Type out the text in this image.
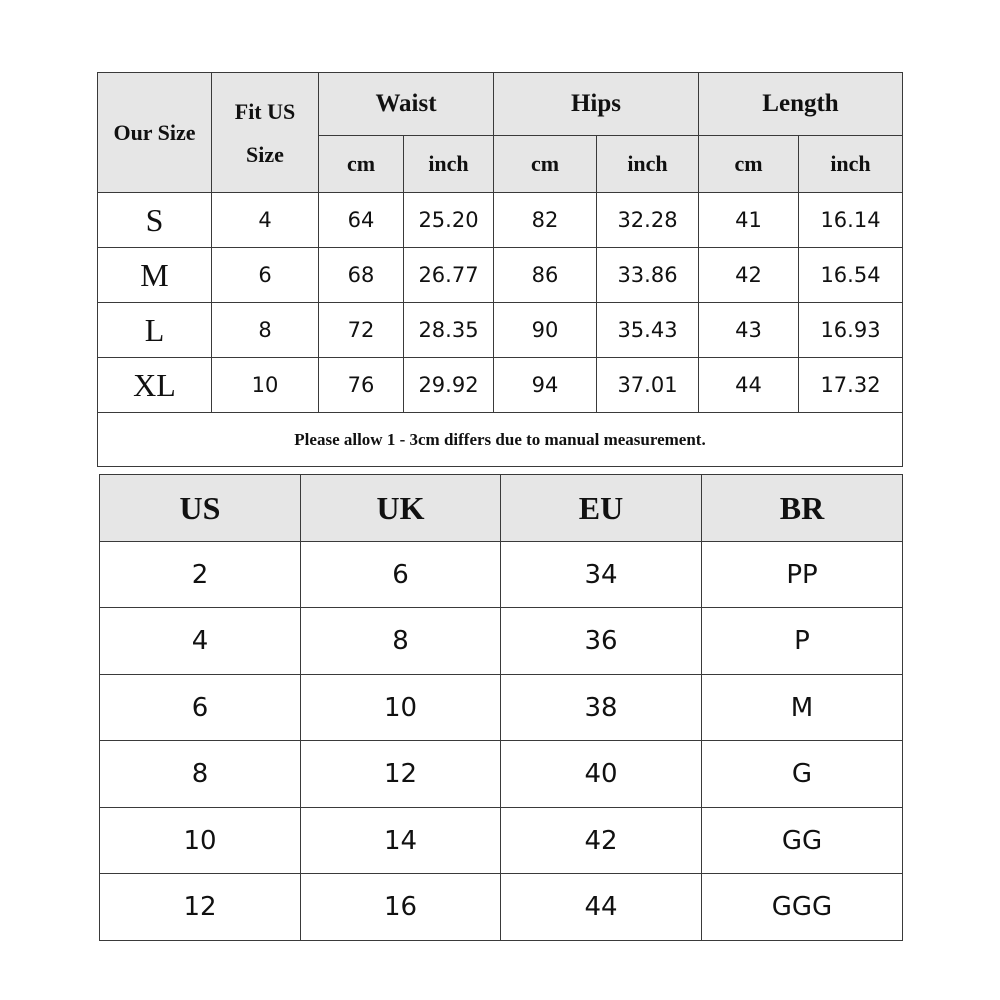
Our Size	Fit US Size	Waist		Hips		Length	
		cm	inch	cm	inch	cm	inch
S	4	64	25.20	82	32.28	41	16.14
M	6	68	26.77	86	33.86	42	16.54
L	8	72	28.35	90	35.43	43	16.93
XL	10	76	29.92	94	37.01	44	17.32
Please allow 1 - 3cm differs due to manual measurement.							
US	UK	EU	BR
2	6	34	PP
4	8	36	P
6	10	38	M
8	12	40	G
10	14	42	GG
12	16	44	GGG
